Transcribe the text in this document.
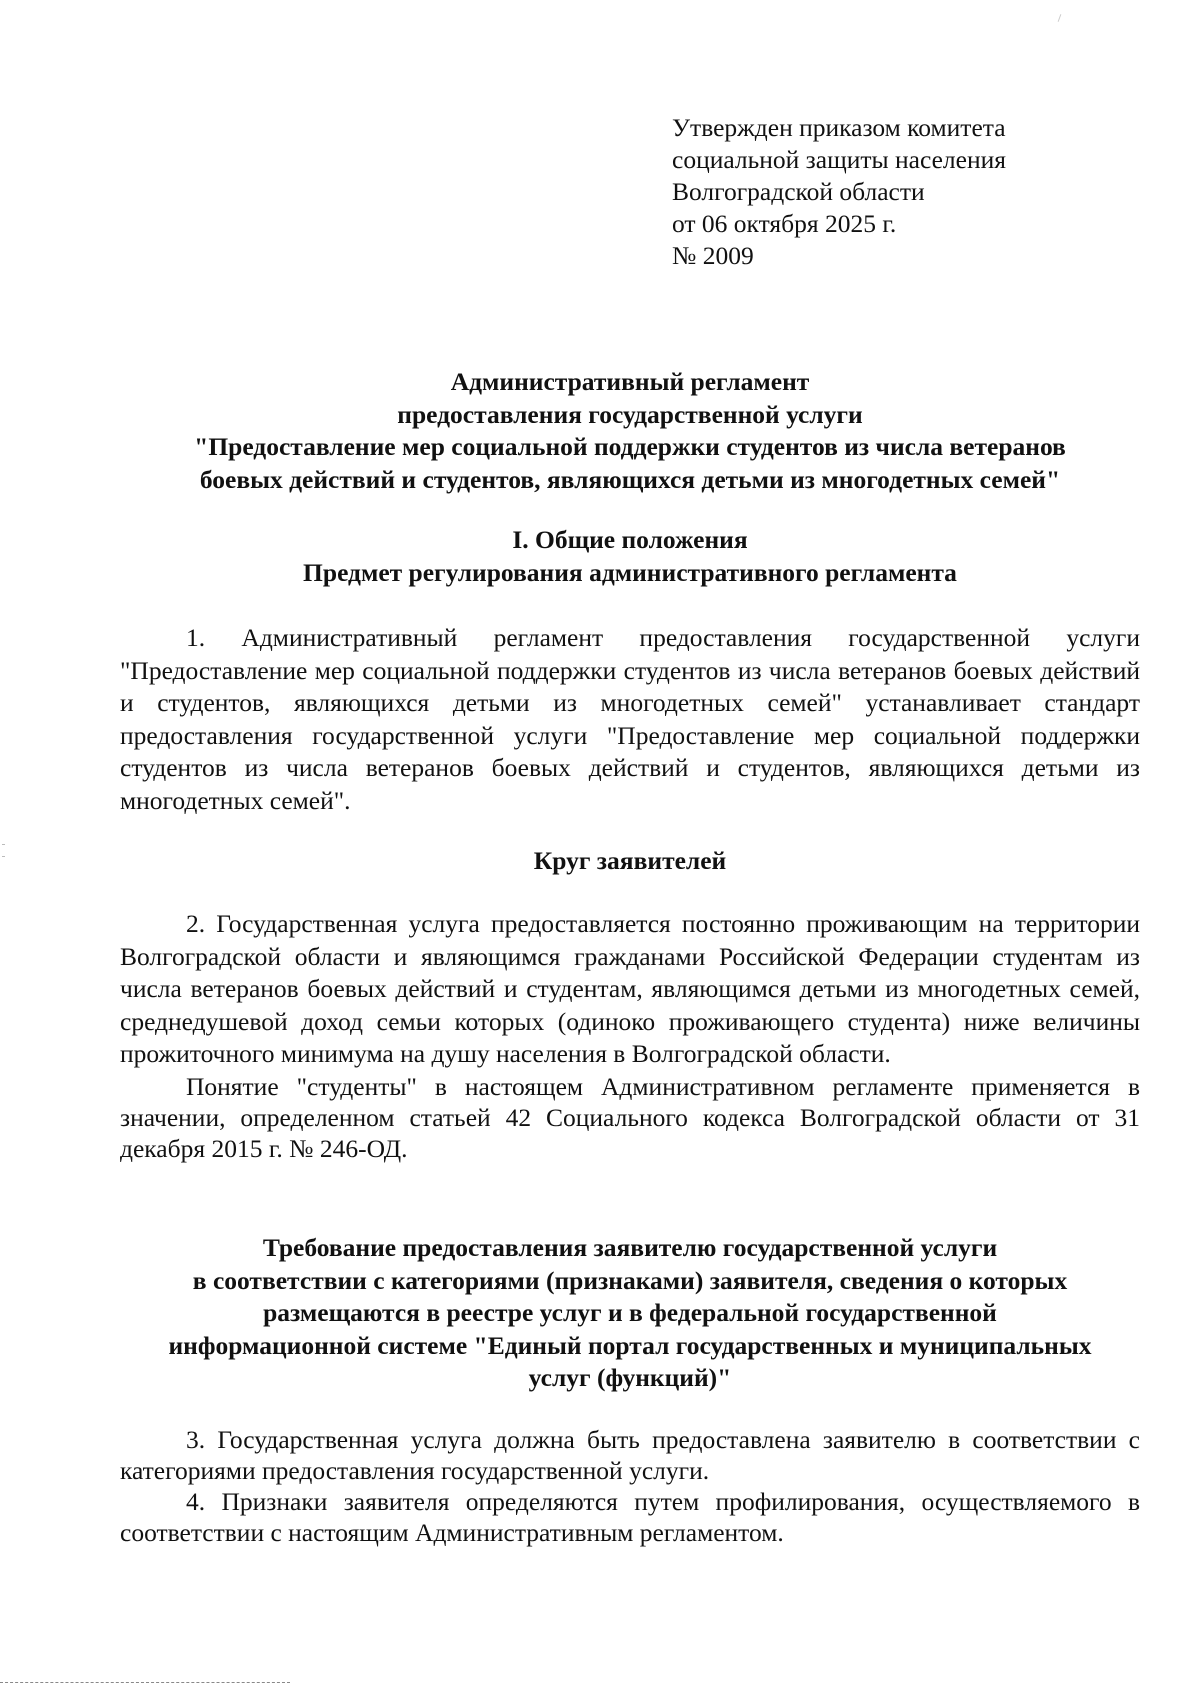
Утвержден приказом комитета
социальной защиты населения
Волгоградской области
от 06 октября 2025 г.
№ 2009
Административный регламент
предоставления государственной услуги
"Предоставление мер социальной поддержки студентов из числа ветеранов
боевых действий и студентов, являющихся детьми из многодетных семей"
I. Общие положения
Предмет регулирования административного регламента

1. Административный регламент предоставления государственной услуги "Предоставление мер социальной поддержки студентов из числа ветеранов боевых действий и студентов, являющихся детьми из многодетных семей" устанавливает стандарт предоставления государственной услуги "Предоставление мер социальной поддержки студентов из числа ветеранов боевых действий и студентов, являющихся детьми из многодетных семей".

Круг заявителей

2. Государственная услуга предоставляется постоянно проживающим на территории Волгоградской области и являющимся гражданами Российской Федерации студентам из числа ветеранов боевых действий и студентам, являющимся детьми из многодетных семей, среднедушевой доход семьи которых (одиноко проживающего студента) ниже величины прожиточного минимума на душу населения в Волгоградской области.

Понятие "студенты" в настоящем Административном регламенте применяется в значении, определенном статьей 42 Социального кодекса Волгоградской области от 31 декабря 2015 г. № 246-ОД.

Требование предоставления заявителю государственной услуги
в соответствии с категориями (признаками) заявителя, сведения о которых
размещаются в реестре услуг и в федеральной государственной
информационной системе "Единый портал государственных и муниципальных
услуг (функций)"

3. Государственная услуга должна быть предоставлена заявителю в соответствии с категориями предоставления государственной услуги.

4. Признаки заявителя определяются путем профилирования, осуществляемого в соответствии с настоящим Административным регламентом.
